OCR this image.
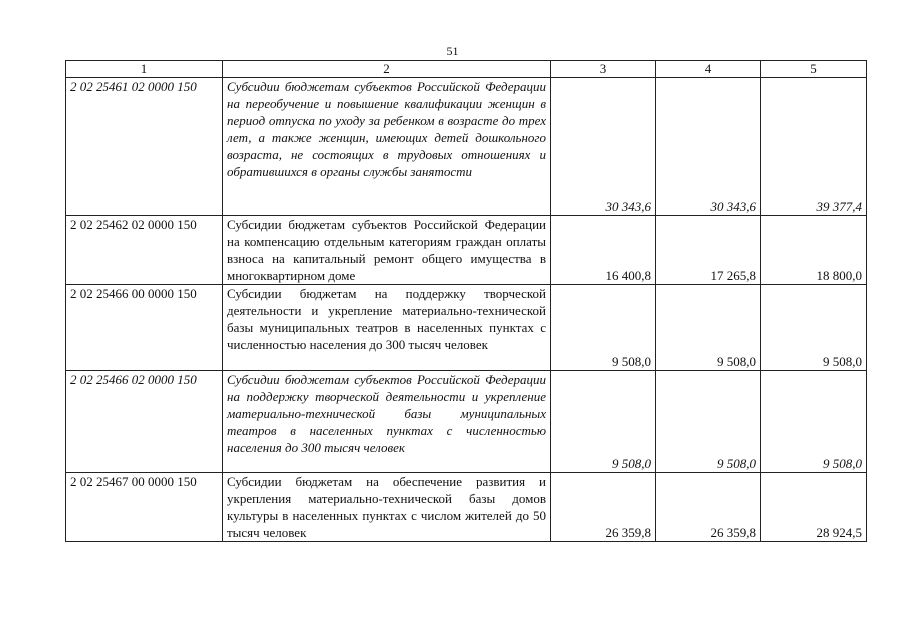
51
1	2	3	4	5
2 02 25461 02 0000 150	Субсидии бюджетам субъектов Российской Федерации на переобучение и повышение квалификации женщин в период отпуска по уходу за ребенком в возрасте до трех лет, а также женщин, имеющих детей дошкольного возраста, не состоящих в трудовых отношениях и обратившихся в органы службы занятости	30 343,6	30 343,6	39 377,4
2 02 25462 02 0000 150	Субсидии бюджетам субъектов Российской Федерации на компенсацию отдельным категориям граждан оплаты взноса на капитальный ремонт общего имущества в многоквартирном доме	16 400,8	17 265,8	18 800,0
2 02 25466 00 0000 150	Субсидии бюджетам на поддержку творческой деятельности и укрепление материально-технической базы муниципальных театров в населенных пунктах с численностью населения до 300 тысяч человек	9 508,0	9 508,0	9 508,0
2 02 25466 02 0000 150	Субсидии бюджетам субъектов Российской Федерации на поддержку творческой деятельности и укрепление материально-технической базы муниципальных театров в населенных пунктах с численностью населения до 300 тысяч человек	9 508,0	9 508,0	9 508,0
2 02 25467 00 0000 150	Субсидии бюджетам на обеспечение развития и укрепления материально-технической базы домов культуры в населенных пунктах с числом жителей до 50 тысяч человек	26 359,8	26 359,8	28 924,5
